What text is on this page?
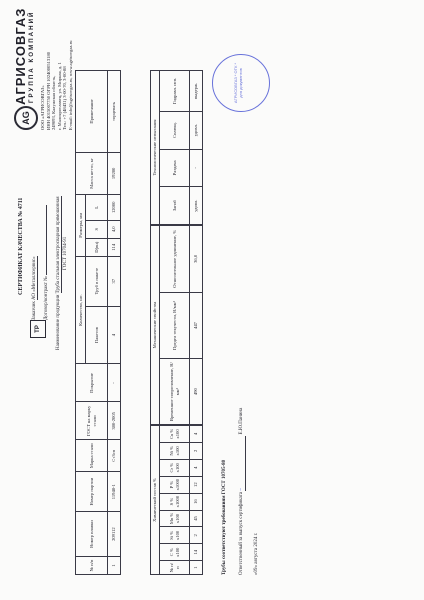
AG
АГРИСОВГАЗ ГРУППА КОМПАНИЙ
ООО «АГРИСОВГАЗ» ИНН 4015007750 ОГРН 1024000513180 249093, Калужская область, г. Малоярославец, ул. Мирная, д. 1 Тел.: +7 (48431) 3-00-70, 3-00-88 E-mail: info@agrisovgaz.ru, www.agrisovgaz.ru
СЕРТИФИКАТ КАЧЕСТВА № 4711
Заказчик АО «Металлсервис» Договор/контракт № Наименование продукции Труба стальная электросварная прямошовная ГОСТ 10704-91
ТР
№ п/п	Номер плавки	Номер партии	Марка стали	ГОСТ на марку стали	Покрытие	Количество, шт.		Размеры, мм			Масса нетто, кг	Примечание
						Пакетов	Труб в пакете	D(вн)	S	L		
1	209112	11948-1	Ст3сп	380-2005	-	4	37	114	4,0	12000	19280	торцевать
Химический состав %								
№ п/п	C % x100	Si % x100	Mn % x100	S % x1000	P % x1000	Cr % x100	Ni % x100	Cu % x100
1	14	2	45	16	12	4	2	4
Механические свойства		
Временное сопротивление, Н/мм²	Предел текучести, Н/мм²	Относительное удлинение, %
490	447	36,0
Технологические испытания			
Загиб	Раздача	Сплющ.	Гидравл. исп.
удовл.	-	удовл.	выдерж.
Трубы соответствуют требованиям ГОСТ 10705-80
Ответственный за выпуск сертификата ~ Е.Ю.Панина
«09» августа 2024 г.
АГРИСОВГАЗ * ОТК * для документов
